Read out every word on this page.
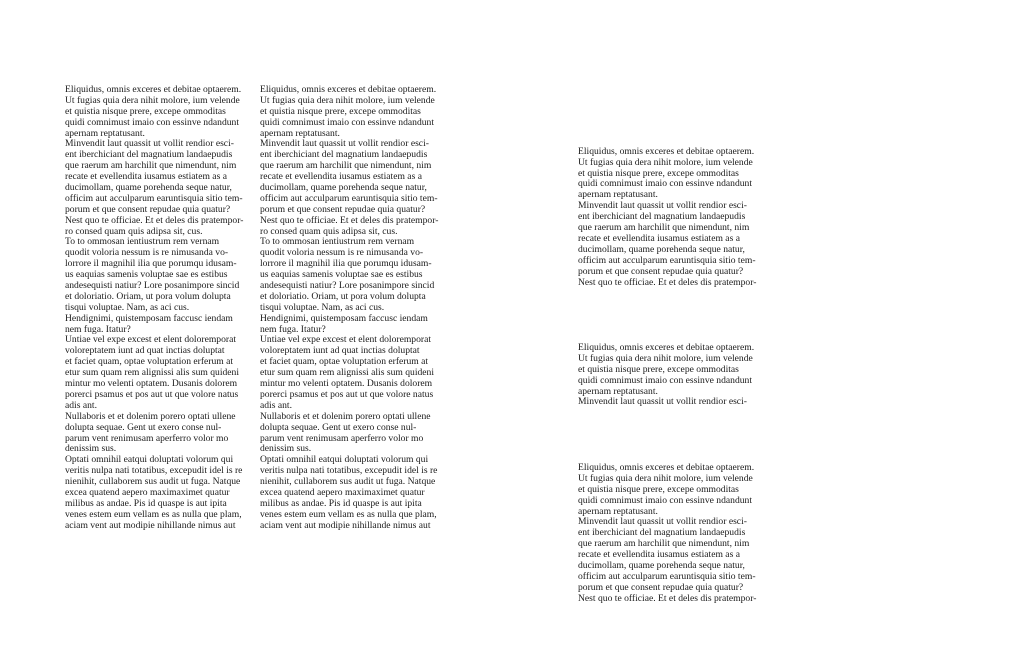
Eliquidus, omnis exceres et debitae optaerem.
Ut fugias quia dera nihit molore, ium velende
et quistia nisque prere, excepe ommoditas
quidi comnimust imaio con essinve ndandunt
apernam reptatusant.
Minvendit laut quassit ut vollit rendior esci-
ent iberchiciant del magnatium landaepudis
que raerum am harchilit que nimendunt, nim
recate et evellendita iusamus estiatem as a
ducimollam, quame porehenda seque natur,
officim aut acculparum earuntisquia sitio tem-
porum et que consent repudae quia quatur?
Nest quo te officiae. Et et deles dis pratempor-
ro consed quam quis adipsa sit, cus.
To to ommosan ientiustrum rem vernam
quodit voloria nessum is re nimusanda vo-
lorrore il magnihil ilia que porumqu idusam-
us eaquias samenis voluptae sae es estibus
andesequisti natiur? Lore posanimpore sincid
et doloriatio. Oriam, ut pora volum dolupta
tisqui voluptae. Nam, as aci cus.
Hendignimi, quistemposam faccusc iendam
nem fuga. Itatur?
Untiae vel expe excest et elent doloremporat
voloreptatem iunt ad quat inctias doluptat
et faciet quam, optae voluptation erferum at
etur sum quam rem alignissi alis sum quideni
mintur mo velenti optatem. Dusanis dolorem
porerci psamus et pos aut ut que volore natus
adis ant.
Nullaboris et et dolenim porero optati ullene
dolupta sequae. Gent ut exero conse nul-
parum vent renimusam aperferro volor mo
denissim sus.
Optati omnihil eatqui doluptati volorum qui
veritis nulpa nati totatibus, excepudit idel is re
nienihit, cullaborem sus audit ut fuga. Natque
excea quatend aepero maximaximet quatur
milibus as andae. Pis id quaspe is aut ipita
venes estem eum vellam es as nulla que plam,
aciam vent aut modipie nihillande nimus aut
Eliquidus, omnis exceres et debitae optaerem.
Ut fugias quia dera nihit molore, ium velende
et quistia nisque prere, excepe ommoditas
quidi comnimust imaio con essinve ndandunt
apernam reptatusant.
Minvendit laut quassit ut vollit rendior esci-
ent iberchiciant del magnatium landaepudis
que raerum am harchilit que nimendunt, nim
recate et evellendita iusamus estiatem as a
ducimollam, quame porehenda seque natur,
officim aut acculparum earuntisquia sitio tem-
porum et que consent repudae quia quatur?
Nest quo te officiae. Et et deles dis pratempor-
ro consed quam quis adipsa sit, cus.
To to ommosan ientiustrum rem vernam
quodit voloria nessum is re nimusanda vo-
lorrore il magnihil ilia que porumqu idusam-
us eaquias samenis voluptae sae es estibus
andesequisti natiur? Lore posanimpore sincid
et doloriatio. Oriam, ut pora volum dolupta
tisqui voluptae. Nam, as aci cus.
Hendignimi, quistemposam faccusc iendam
nem fuga. Itatur?
Untiae vel expe excest et elent doloremporat
voloreptatem iunt ad quat inctias doluptat
et faciet quam, optae voluptation erferum at
etur sum quam rem alignissi alis sum quideni
mintur mo velenti optatem. Dusanis dolorem
porerci psamus et pos aut ut que volore natus
adis ant.
Nullaboris et et dolenim porero optati ullene
dolupta sequae. Gent ut exero conse nul-
parum vent renimusam aperferro volor mo
denissim sus.
Optati omnihil eatqui doluptati volorum qui
veritis nulpa nati totatibus, excepudit idel is re
nienihit, cullaborem sus audit ut fuga. Natque
excea quatend aepero maximaximet quatur
milibus as andae. Pis id quaspe is aut ipita
venes estem eum vellam es as nulla que plam,
aciam vent aut modipie nihillande nimus aut

Eliquidus, omnis exceres et debitae optaerem.
Ut fugias quia dera nihit molore, ium velende
et quistia nisque prere, excepe ommoditas
quidi comnimust imaio con essinve ndandunt
apernam reptatusant.
Minvendit laut quassit ut vollit rendior esci-
ent iberchiciant del magnatium landaepudis
que raerum am harchilit que nimendunt, nim
recate et evellendita iusamus estiatem as a
ducimollam, quame porehenda seque natur,
officim aut acculparum earuntisquia sitio tem-
porum et que consent repudae quia quatur?
Nest quo te officiae. Et et deles dis pratempor-

Eliquidus, omnis exceres et debitae optaerem.
Ut fugias quia dera nihit molore, ium velende
et quistia nisque prere, excepe ommoditas
quidi comnimust imaio con essinve ndandunt
apernam reptatusant.
Minvendit laut quassit ut vollit rendior esci-

Eliquidus, omnis exceres et debitae optaerem.
Ut fugias quia dera nihit molore, ium velende
et quistia nisque prere, excepe ommoditas
quidi comnimust imaio con essinve ndandunt
apernam reptatusant.
Minvendit laut quassit ut vollit rendior esci-
ent iberchiciant del magnatium landaepudis
que raerum am harchilit que nimendunt, nim
recate et evellendita iusamus estiatem as a
ducimollam, quame porehenda seque natur,
officim aut acculparum earuntisquia sitio tem-
porum et que consent repudae quia quatur?
Nest quo te officiae. Et et deles dis pratempor-
